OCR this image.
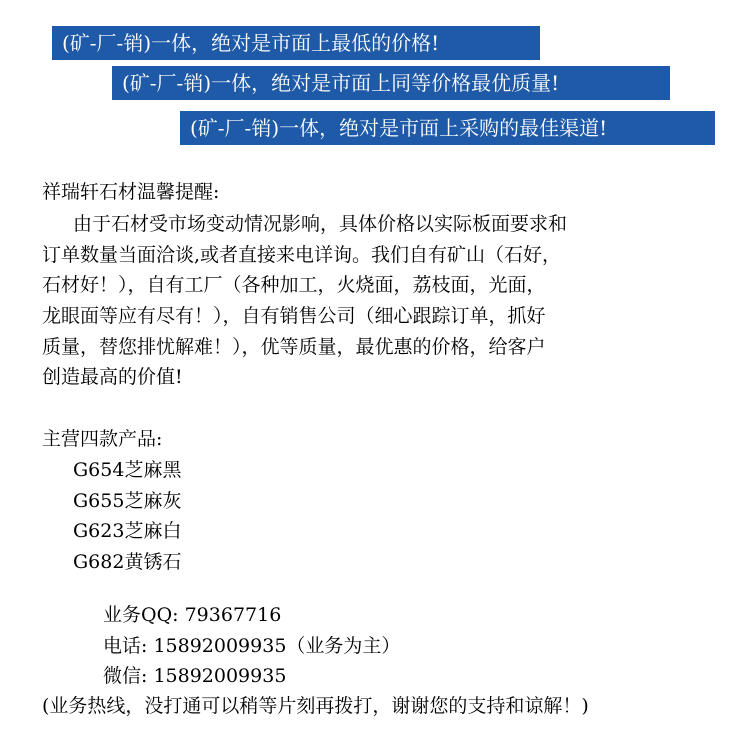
(矿-厂-销)一体，绝对是市面上最低的价格!
(矿-厂-销)一体，绝对是市面上同等价格最优质量!
(矿-厂-销)一体，绝对是市面上采购的最佳渠道!
祥瑞轩石材温馨提醒:
由于石材受市场变动情况影响，具体价格以实际板面要求和
订单数量当面洽谈,或者直接来电详询。我们自有矿山（石好，
石材好！），自有工厂（各种加工，火烧面，荔枝面，光面，
龙眼面等应有尽有！），自有销售公司（细心跟踪订单，抓好
质量，替您排忧解难！），优等质量，最优惠的价格，给客户
创造最高的价值!
主营四款产品:
G654芝麻黑
G655芝麻灰
G623芝麻白
G682黄锈石
业务QQ: 79367716
电话: 15892009935（业务为主）
微信: 15892009935
(业务热线，没打通可以稍等片刻再拨打，谢谢您的支持和谅解！)
